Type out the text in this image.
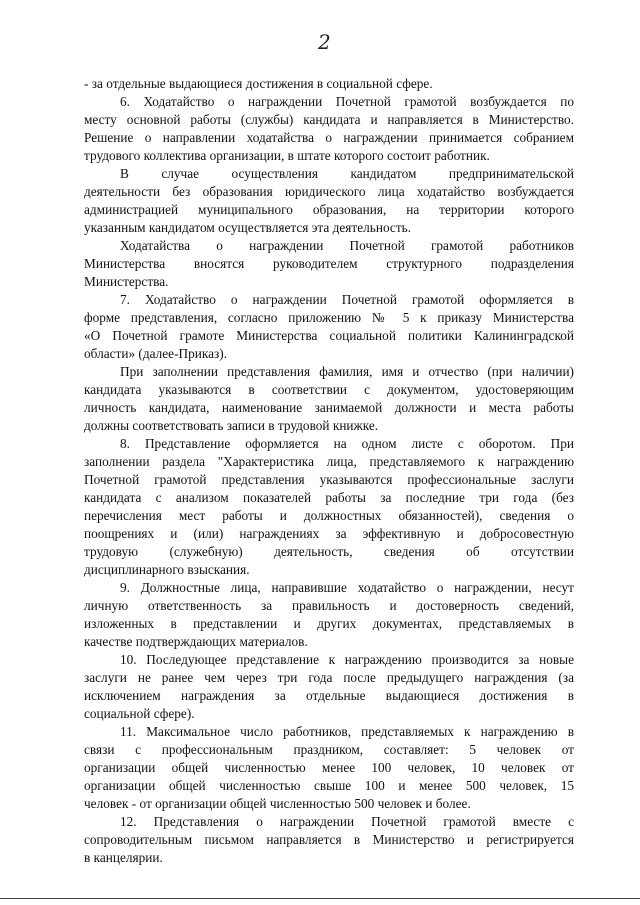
2
- за отдельные выдающиеся достижения в социальной сфере.
6. Ходатайство о награждении Почетной грамотой возбуждается по
месту основной работы (службы) кандидата и направляется в Министерство.
Решение о направлении ходатайства о награждении принимается собранием
трудового коллектива организации, в штате которого состоит работник.
В случае осуществления кандидатом предпринимательской
деятельности без образования юридического лица ходатайство возбуждается
администрацией муниципального образования, на территории которого
указанным кандидатом осуществляется эта деятельность.
Ходатайства о награждении Почетной грамотой работников
Министерства вносятся руководителем структурного подразделения
Министерства.
7. Ходатайство о награждении Почетной грамотой оформляется в
форме представления, согласно приложению № 5 к приказу Министерства
«О Почетной грамоте Министерства социальной политики Калининградской
области» (далее-Приказ).
При заполнении представления фамилия, имя и отчество (при наличии)
кандидата указываются в соответствии с документом, удостоверяющим
личность кандидата, наименование занимаемой должности и места работы
должны соответствовать записи в трудовой книжке.
8. Представление оформляется на одном листе с оборотом. При
заполнении раздела "Характеристика лица, представляемого к награждению
Почетной грамотой представления указываются профессиональные заслуги
кандидата с анализом показателей работы за последние три года (без
перечисления мест работы и должностных обязанностей), сведения о
поощрениях и (или) награждениях за эффективную и добросовестную
трудовую (служебную) деятельность, сведения об отсутствии
дисциплинарного взыскания.
9. Должностные лица, направившие ходатайство о награждении, несут
личную ответственность за правильность и достоверность сведений,
изложенных в представлении и других документах, представляемых в
качестве подтверждающих материалов.
10. Последующее представление к награждению производится за новые
заслуги не ранее чем через три года после предыдущего награждения (за
исключением награждения за отдельные выдающиеся достижения в
социальной сфере).
11. Максимальное число работников, представляемых к награждению в
связи с профессиональным праздником, составляет: 5 человек от
организации общей численностью менее 100 человек, 10 человек от
организации общей численностью свыше 100 и менее 500 человек, 15
человек - от организации общей численностью 500 человек и более.
12. Представления о награждении Почетной грамотой вместе с
сопроводительным письмом направляется в Министерство и регистрируется
в канцелярии.
